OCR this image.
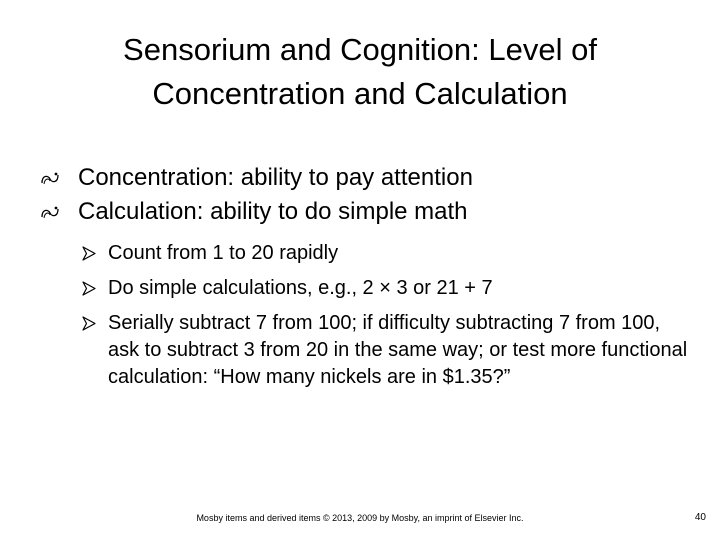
Sensorium and Cognition: Level of
Concentration and Calculation
Concentration: ability to pay attention
Calculation: ability to do simple math
Count from 1 to 20 rapidly
Do simple calculations, e.g., 2 × 3 or 21 + 7
Serially subtract 7 from 100; if difficulty subtracting 7 from 100, ask to subtract 3 from 20 in the same way; or test more functional calculation: “How many nickels are in $1.35?”
Mosby items and derived items © 2013, 2009 by Mosby, an imprint of Elsevier Inc.	40
